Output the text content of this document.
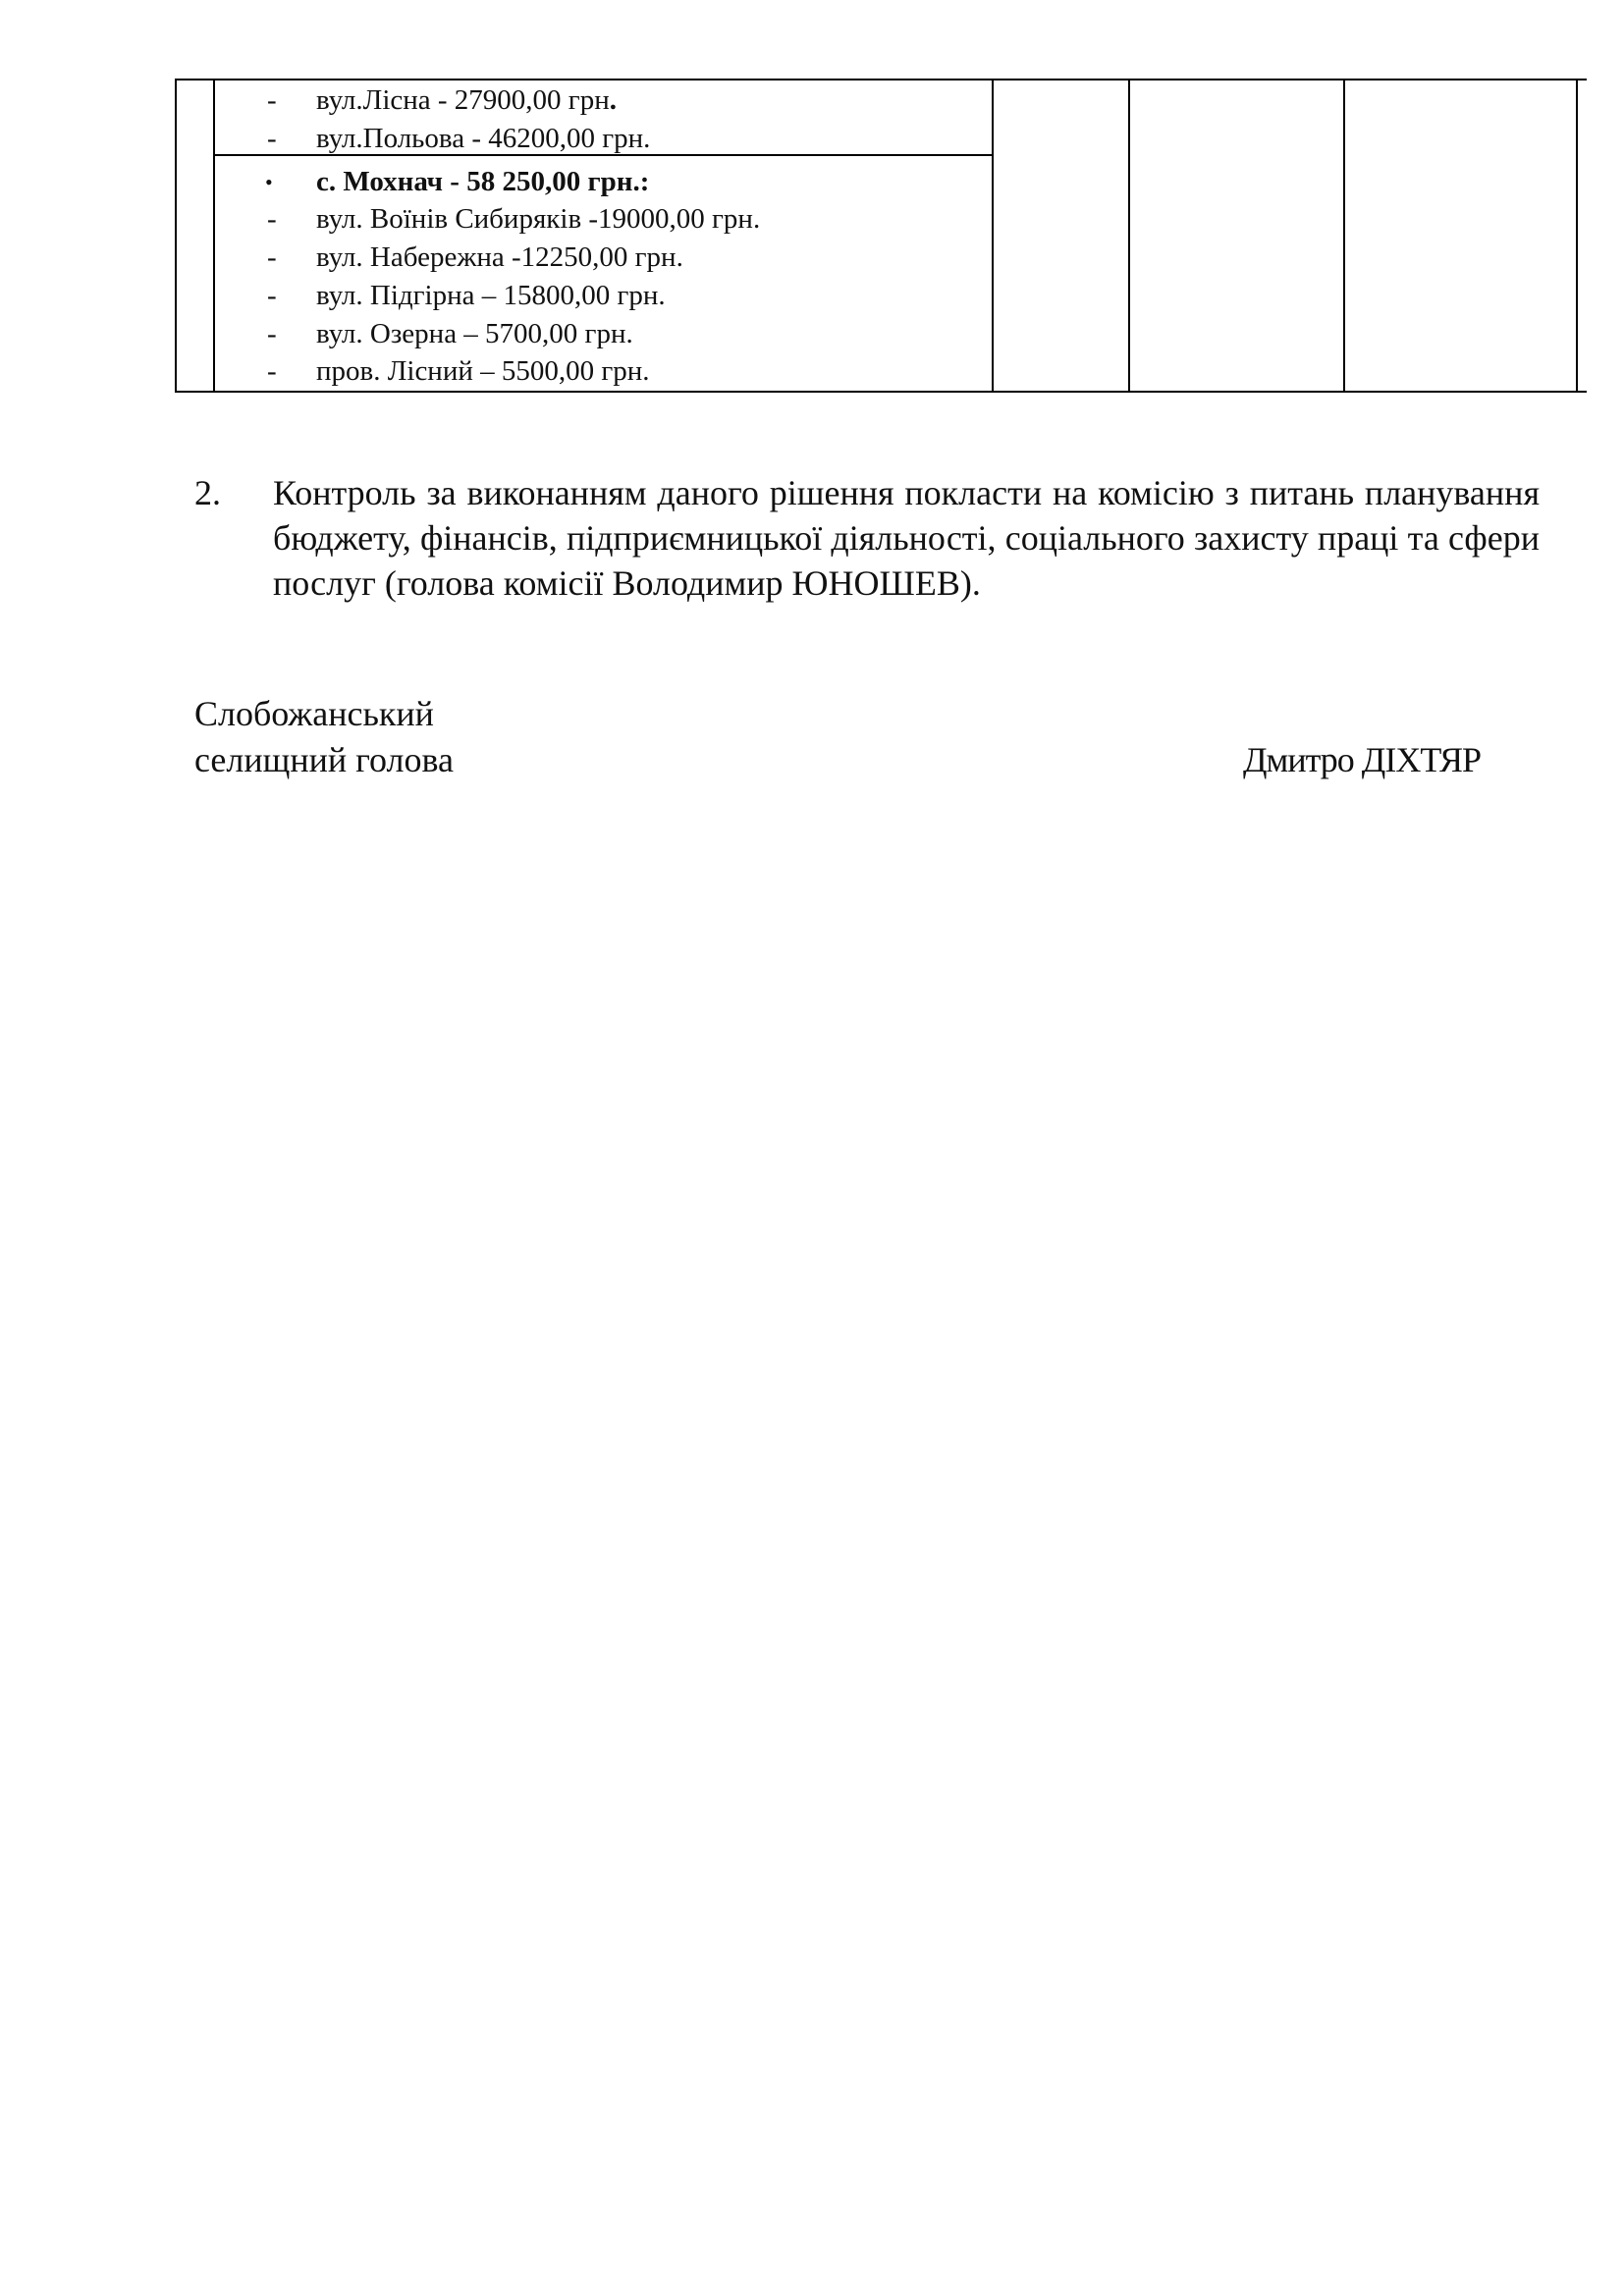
- вул.Лісна - 27900,00 грн.
- вул.Польова - 46200,00 грн.
• с. Мохнач - 58 250,00 грн.:
- вул. Воїнів Сибиряків -19000,00 грн.
- вул. Набережна -12250,00 грн.
- вул. Підгірна – 15800,00 грн.
- вул. Озерна – 5700,00 грн.
- пров. Лісний – 5500,00 грн.
2. Контроль за виконанням даного рішення покласти на комісію з питань планування бюджету, фінансів, підприємницької діяльності, соціального захисту праці та сфери послуг (голова комісії Володимир ЮНОШЕВ).
Слобожанський
селищний голова	Дмитро ДІХТЯР
